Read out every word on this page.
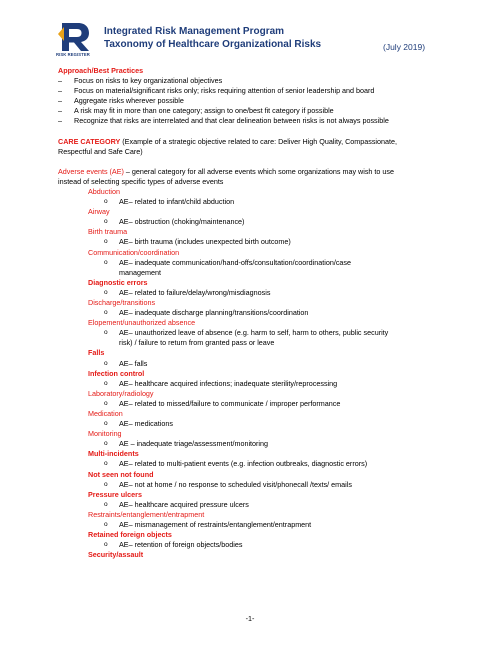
RISK REGISTER
Integrated Risk Management Program
Taxonomy of Healthcare Organizational Risks	(July 2019)
Approach/Best Practices
– Focus on risks to key organizational objectives
– Focus on material/significant risks only; risks requiring attention of senior leadership and board
– Aggregate risks wherever possible
– A risk may fit in more than one category; assign to one/best fit category if possible
– Recognize that risks are interrelated and that clear delineation between risks is not always possible
CARE CATEGORY (Example of a strategic objective related to care: Deliver High Quality, Compassionate,
Respectful and Safe Care)
Adverse events (AE) – general category for all adverse events which some organizations may wish to use
instead of selecting specific types of adverse events
Abduction
o AE– related to infant/child abduction
Airway
o AE– obstruction (choking/maintenance)
Birth trauma
o AE– birth trauma (includes unexpected birth outcome)
Communication/coordination
o AE– inadequate communication/hand-offs/consultation/coordination/case
management
Diagnostic errors
o AE– related to failure/delay/wrong/misdiagnosis
Discharge/transitions
o AE– inadequate discharge planning/transitions/coordination
Elopement/unauthorized absence
o AE– unauthorized leave of absence (e.g. harm to self, harm to others, public security
risk) / failure to return from granted pass or leave
Falls
o AE– falls
Infection control
o AE– healthcare acquired infections; inadequate sterility/reprocessing
Laboratory/radiology
o AE– related to missed/failure to communicate / improper performance
Medication
o AE– medications
Monitoring
o AE – inadequate triage/assessment/monitoring
Multi-incidents
o AE– related to multi-patient events (e.g. infection outbreaks, diagnostic errors)
Not seen not found
o AE– not at home / no response to scheduled visit/phonecall /texts/ emails
Pressure ulcers
o AE– healthcare acquired pressure ulcers
Restraints/entanglement/entrapment
o AE– mismanagement of restraints/entanglement/entrapment
Retained foreign objects
o AE– retention of foreign objects/bodies
Security/assault
-1-
